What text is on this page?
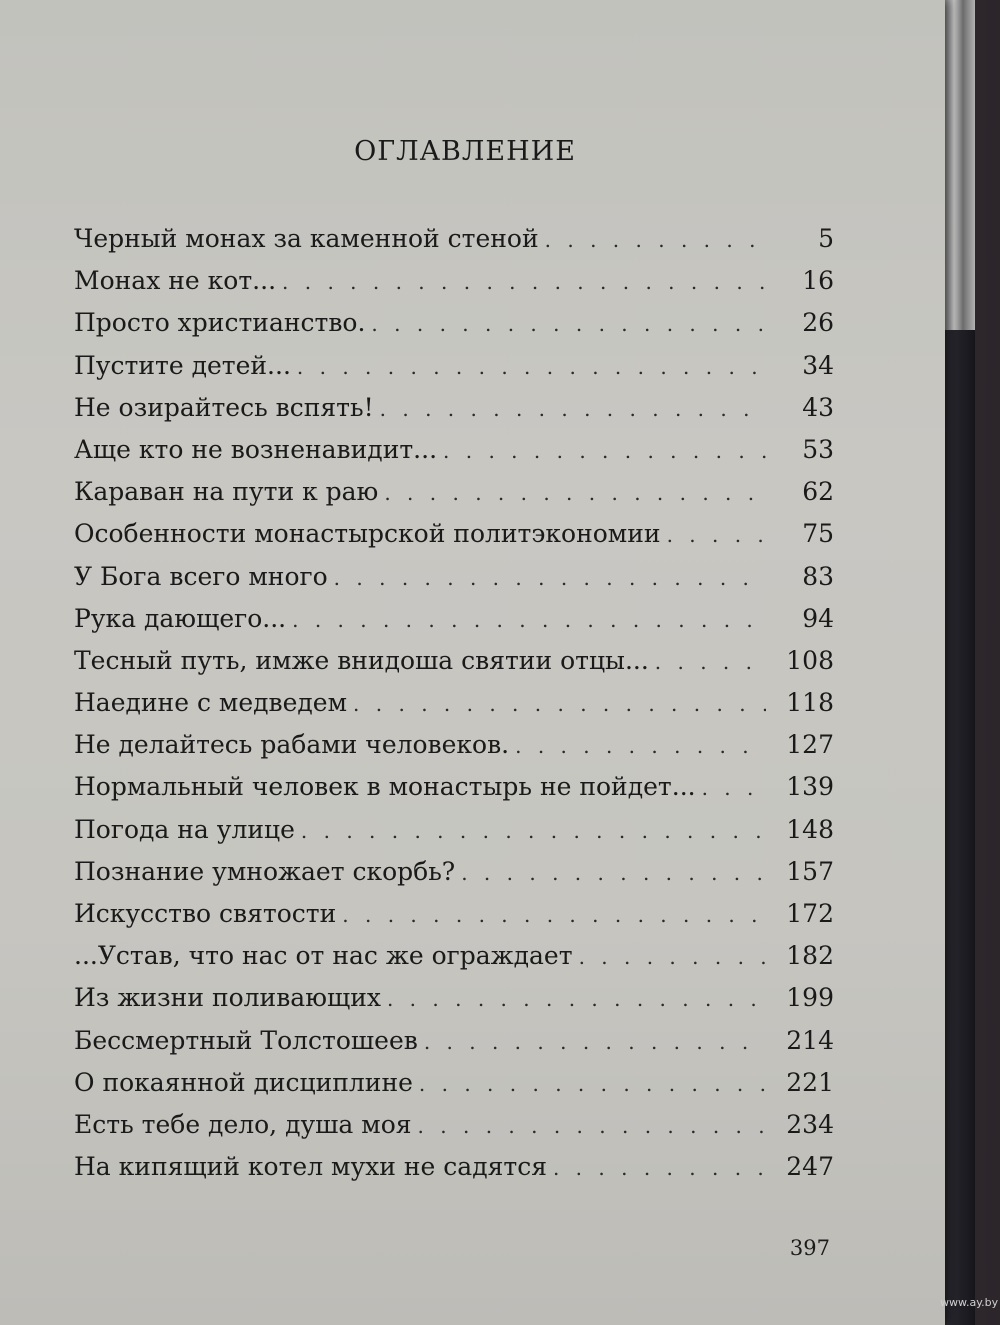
ОГЛАВЛЕНИЕ
Черный монах за каменной стеной . . .	5
Монах не кот... . . .	16
Просто христианство. . . .	26
Пустите детей... . . .	34
Не озирайтесь вспять! . . .	43
Аще кто не возненавидит... . . .	53
Караван на пути к раю . . .	62
Особенности монастырской политэкономии . . .	75
У Бога всего много . . .	83
Рука дающего... . . .	94
Тесный путь, имже внидоша святии отцы... . . .	108
Наедине с медведем . . .	118
Не делайтесь рабами человеков. . . .	127
Нормальный человек в монастырь не пойдет... . . .	139
Погода на улице . . .	148
Познание умножает скорбь? . . .	157
Искусство святости . . .	172
...Устав, что нас от нас же ограждает . . .	182
Из жизни поливающих . . .	199
Бессмертный Толстошеев . . .	214
О покаянной дисциплине . . .	221
Есть тебе дело, душа моя . . .	234
На кипящий котел мухи не садятся . . .	247
397
www.ay.by
